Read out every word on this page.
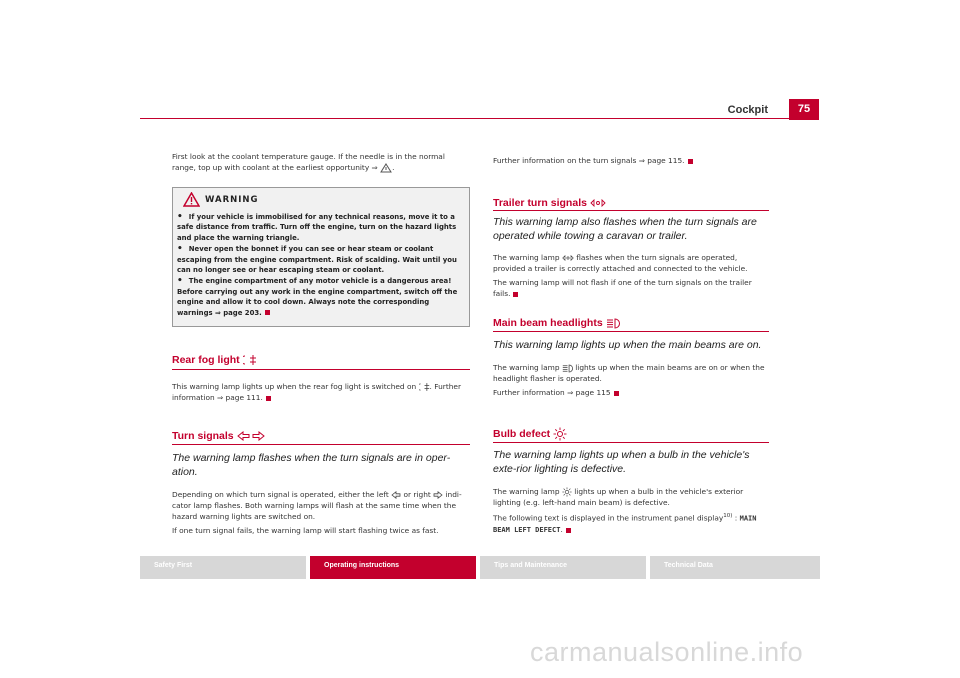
Cockpit	75
First look at the coolant temperature gauge. If the needle is in the normal range, top up with coolant at the earliest opportunity ⇒ .
WARNING
• If your vehicle is immobilised for any technical reasons, move it to a safe distance from traffic. Turn off the engine, turn on the hazard lights and place the warning triangle.
• Never open the bonnet if you can see or hear steam or coolant escaping from the engine compartment. Risk of scalding. Wait until you can no longer see or hear escaping steam or coolant.
• The engine compartment of any motor vehicle is a dangerous area! Before carrying out any work in the engine compartment, switch off the engine and allow it to cool down. Always note the corresponding warnings ⇒ page 203.
Rear fog light
This warning lamp lights up when the rear fog light is switched on . Further information ⇒ page 111.
Turn signals
The warning lamp flashes when the turn signals are in oper-ation.

Depending on which turn signal is operated, either the left or right indi-cator lamp flashes. Both warning lamps will flash at the same time when the hazard warning lights are switched on.

If one turn signal fails, the warning lamp will start flashing twice as fast.

Further information on the turn signals ⇒ page 115.
Trailer turn signals
This warning lamp also flashes when the turn signals are operated while towing a caravan or trailer.

The warning lamp flashes when the turn signals are operated, provided a trailer is correctly attached and connected to the vehicle.

The warning lamp will not flash if one of the turn signals on the trailer fails.

Main beam headlights
This warning lamp lights up when the main beams are on.

The warning lamp lights up when the main beams are on or when the headlight flasher is operated.

Further information ⇒ page 115

Bulb defect
The warning lamp lights up when a bulb in the vehicle's exte-rior lighting is defective.

The warning lamp lights up when a bulb in the vehicle's exterior lighting (e.g. left-hand main beam) is defective.

The following text is displayed in the instrument panel display$^{10)}$ : MAIN BEAM LEFT DEFECT.

Safety First	Operating instructions	Tips and Maintenance	Technical Data
carmanualsonline.info
